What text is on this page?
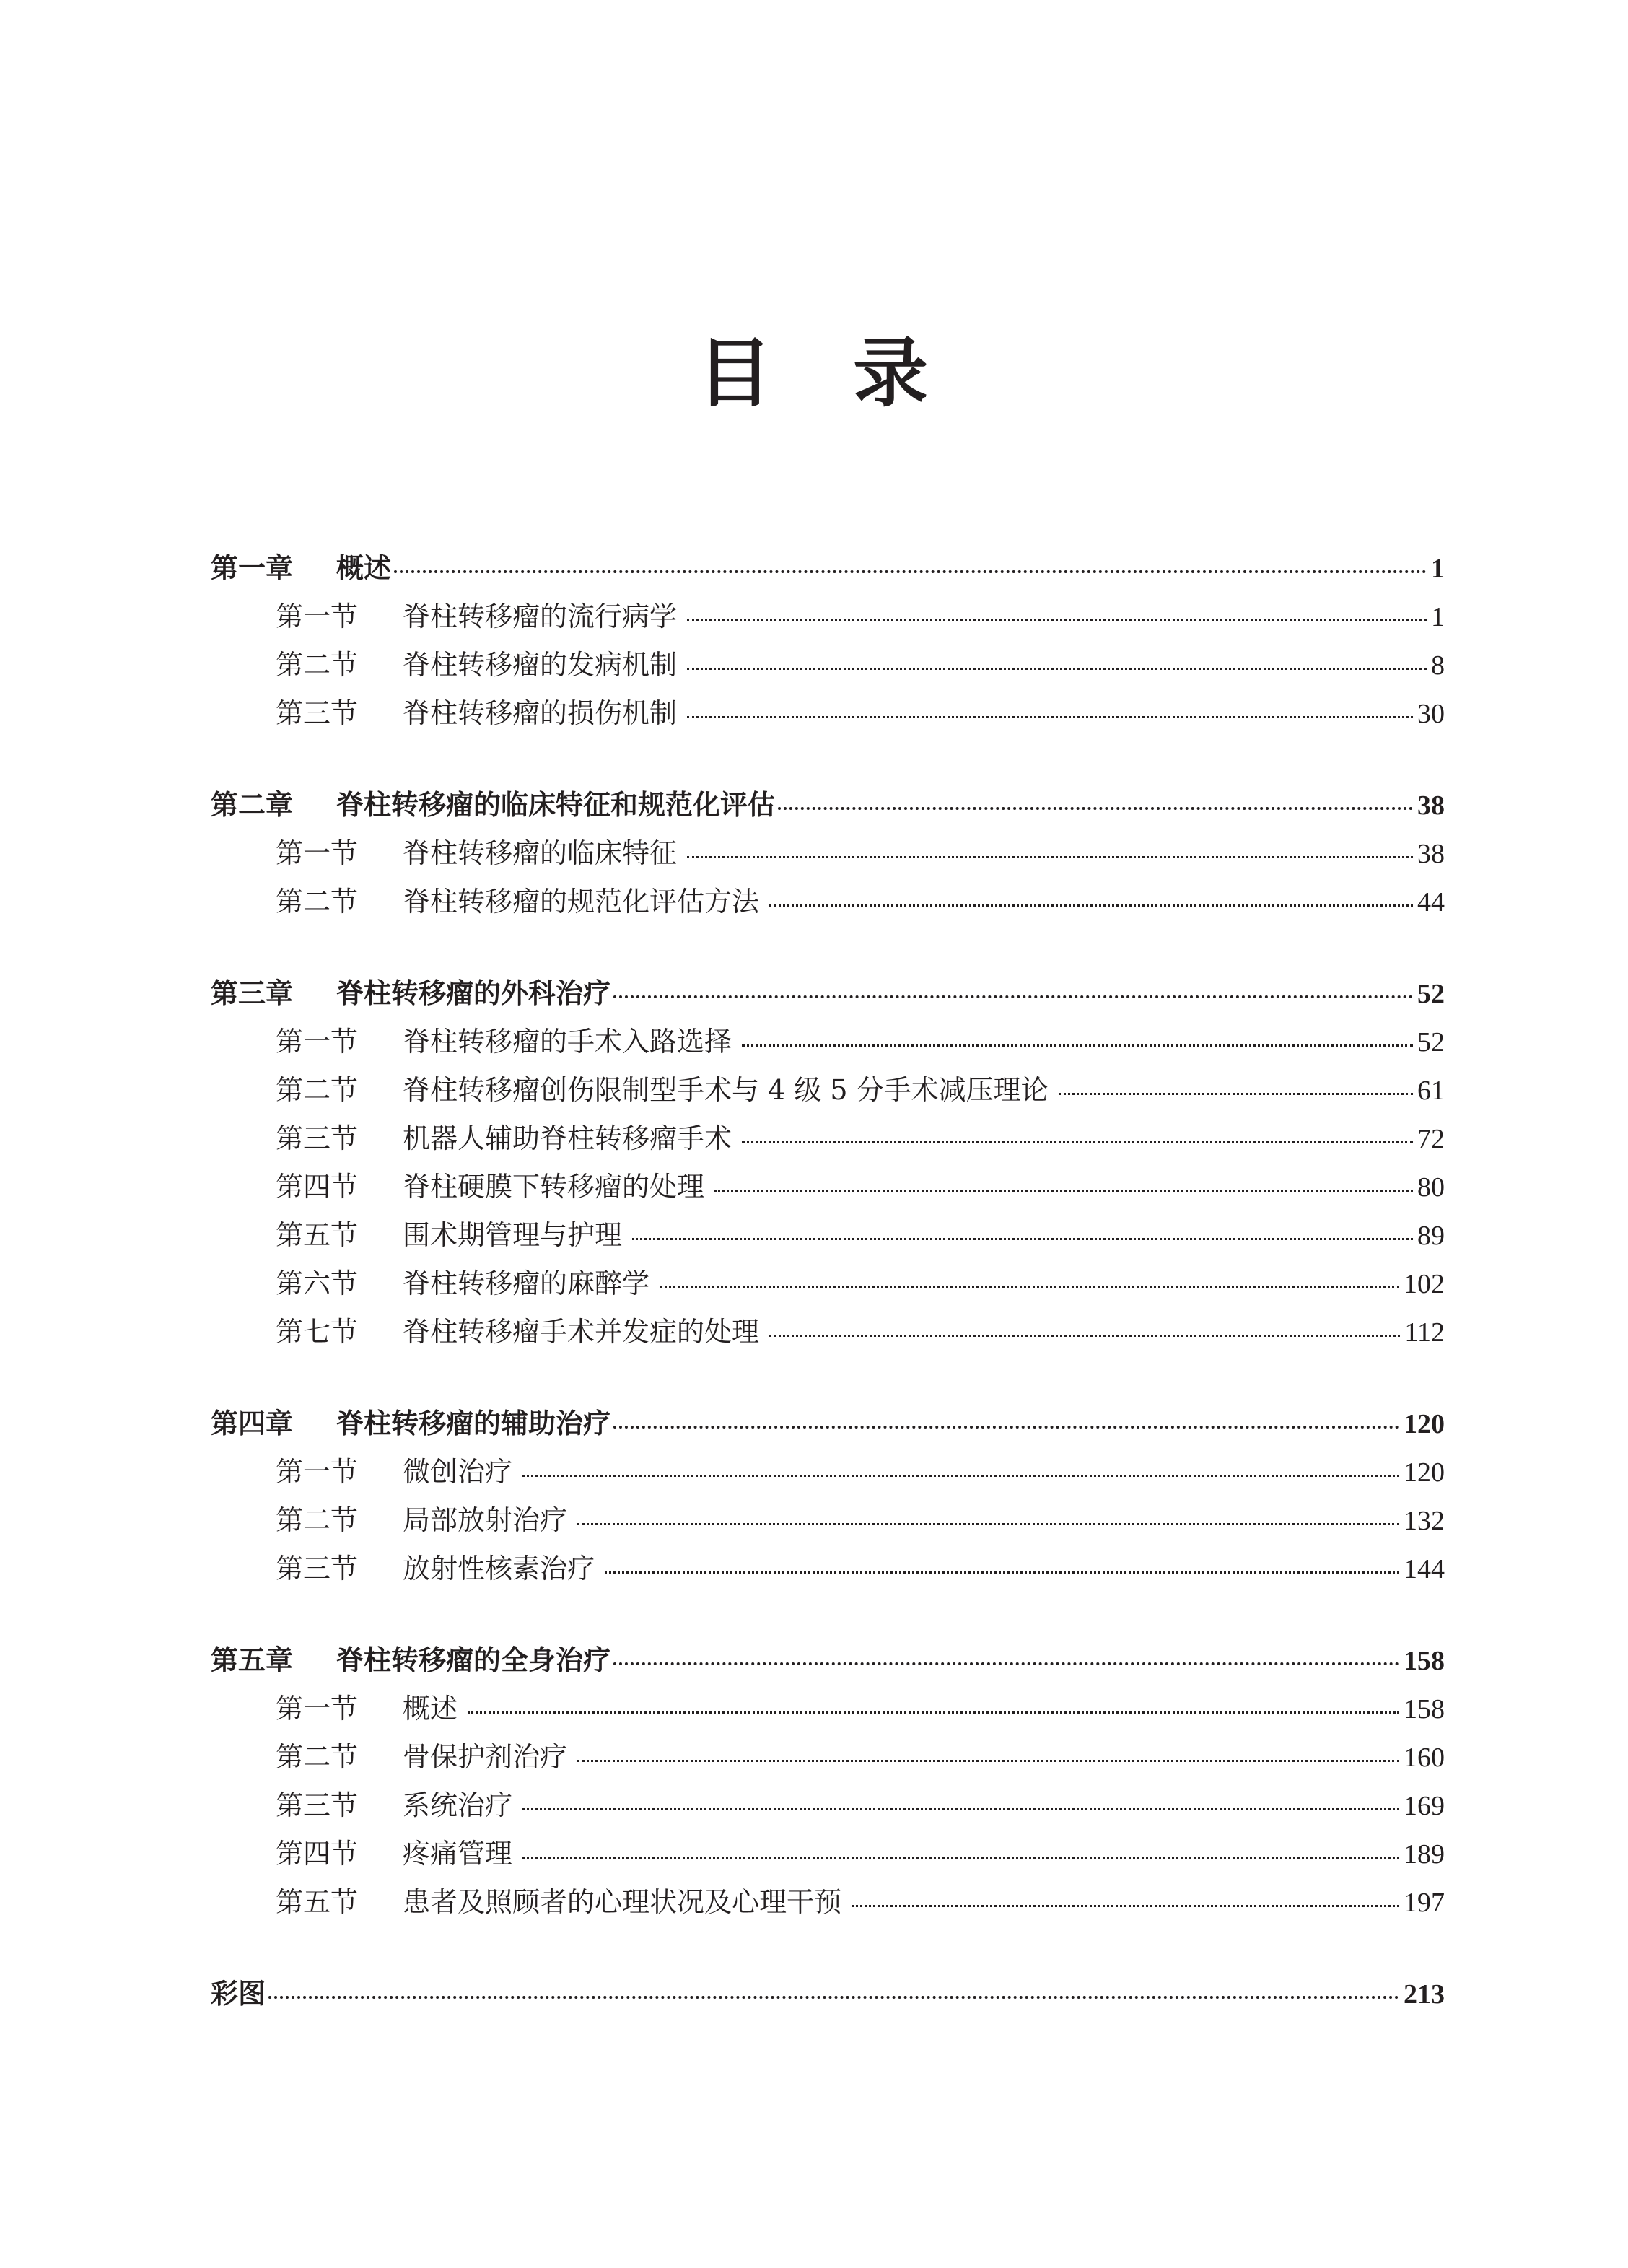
目　录
第一章	概述	1
第一节	脊柱转移瘤的流行病学	1
第二节	脊柱转移瘤的发病机制	8
第三节	脊柱转移瘤的损伤机制	30
第二章	脊柱转移瘤的临床特征和规范化评估	38
第一节	脊柱转移瘤的临床特征	38
第二节	脊柱转移瘤的规范化评估方法	44
第三章	脊柱转移瘤的外科治疗	52
第一节	脊柱转移瘤的手术入路选择	52
第二节	脊柱转移瘤创伤限制型手术与 4 级 5 分手术减压理论	61
第三节	机器人辅助脊柱转移瘤手术	72
第四节	脊柱硬膜下转移瘤的处理	80
第五节	围术期管理与护理	89
第六节	脊柱转移瘤的麻醉学	102
第七节	脊柱转移瘤手术并发症的处理	112
第四章	脊柱转移瘤的辅助治疗	120
第一节	微创治疗	120
第二节	局部放射治疗	132
第三节	放射性核素治疗	144
第五章	脊柱转移瘤的全身治疗	158
第一节	概述	158
第二节	骨保护剂治疗	160
第三节	系统治疗	169
第四节	疼痛管理	189
第五节	患者及照顾者的心理状况及心理干预	197
彩图	213
